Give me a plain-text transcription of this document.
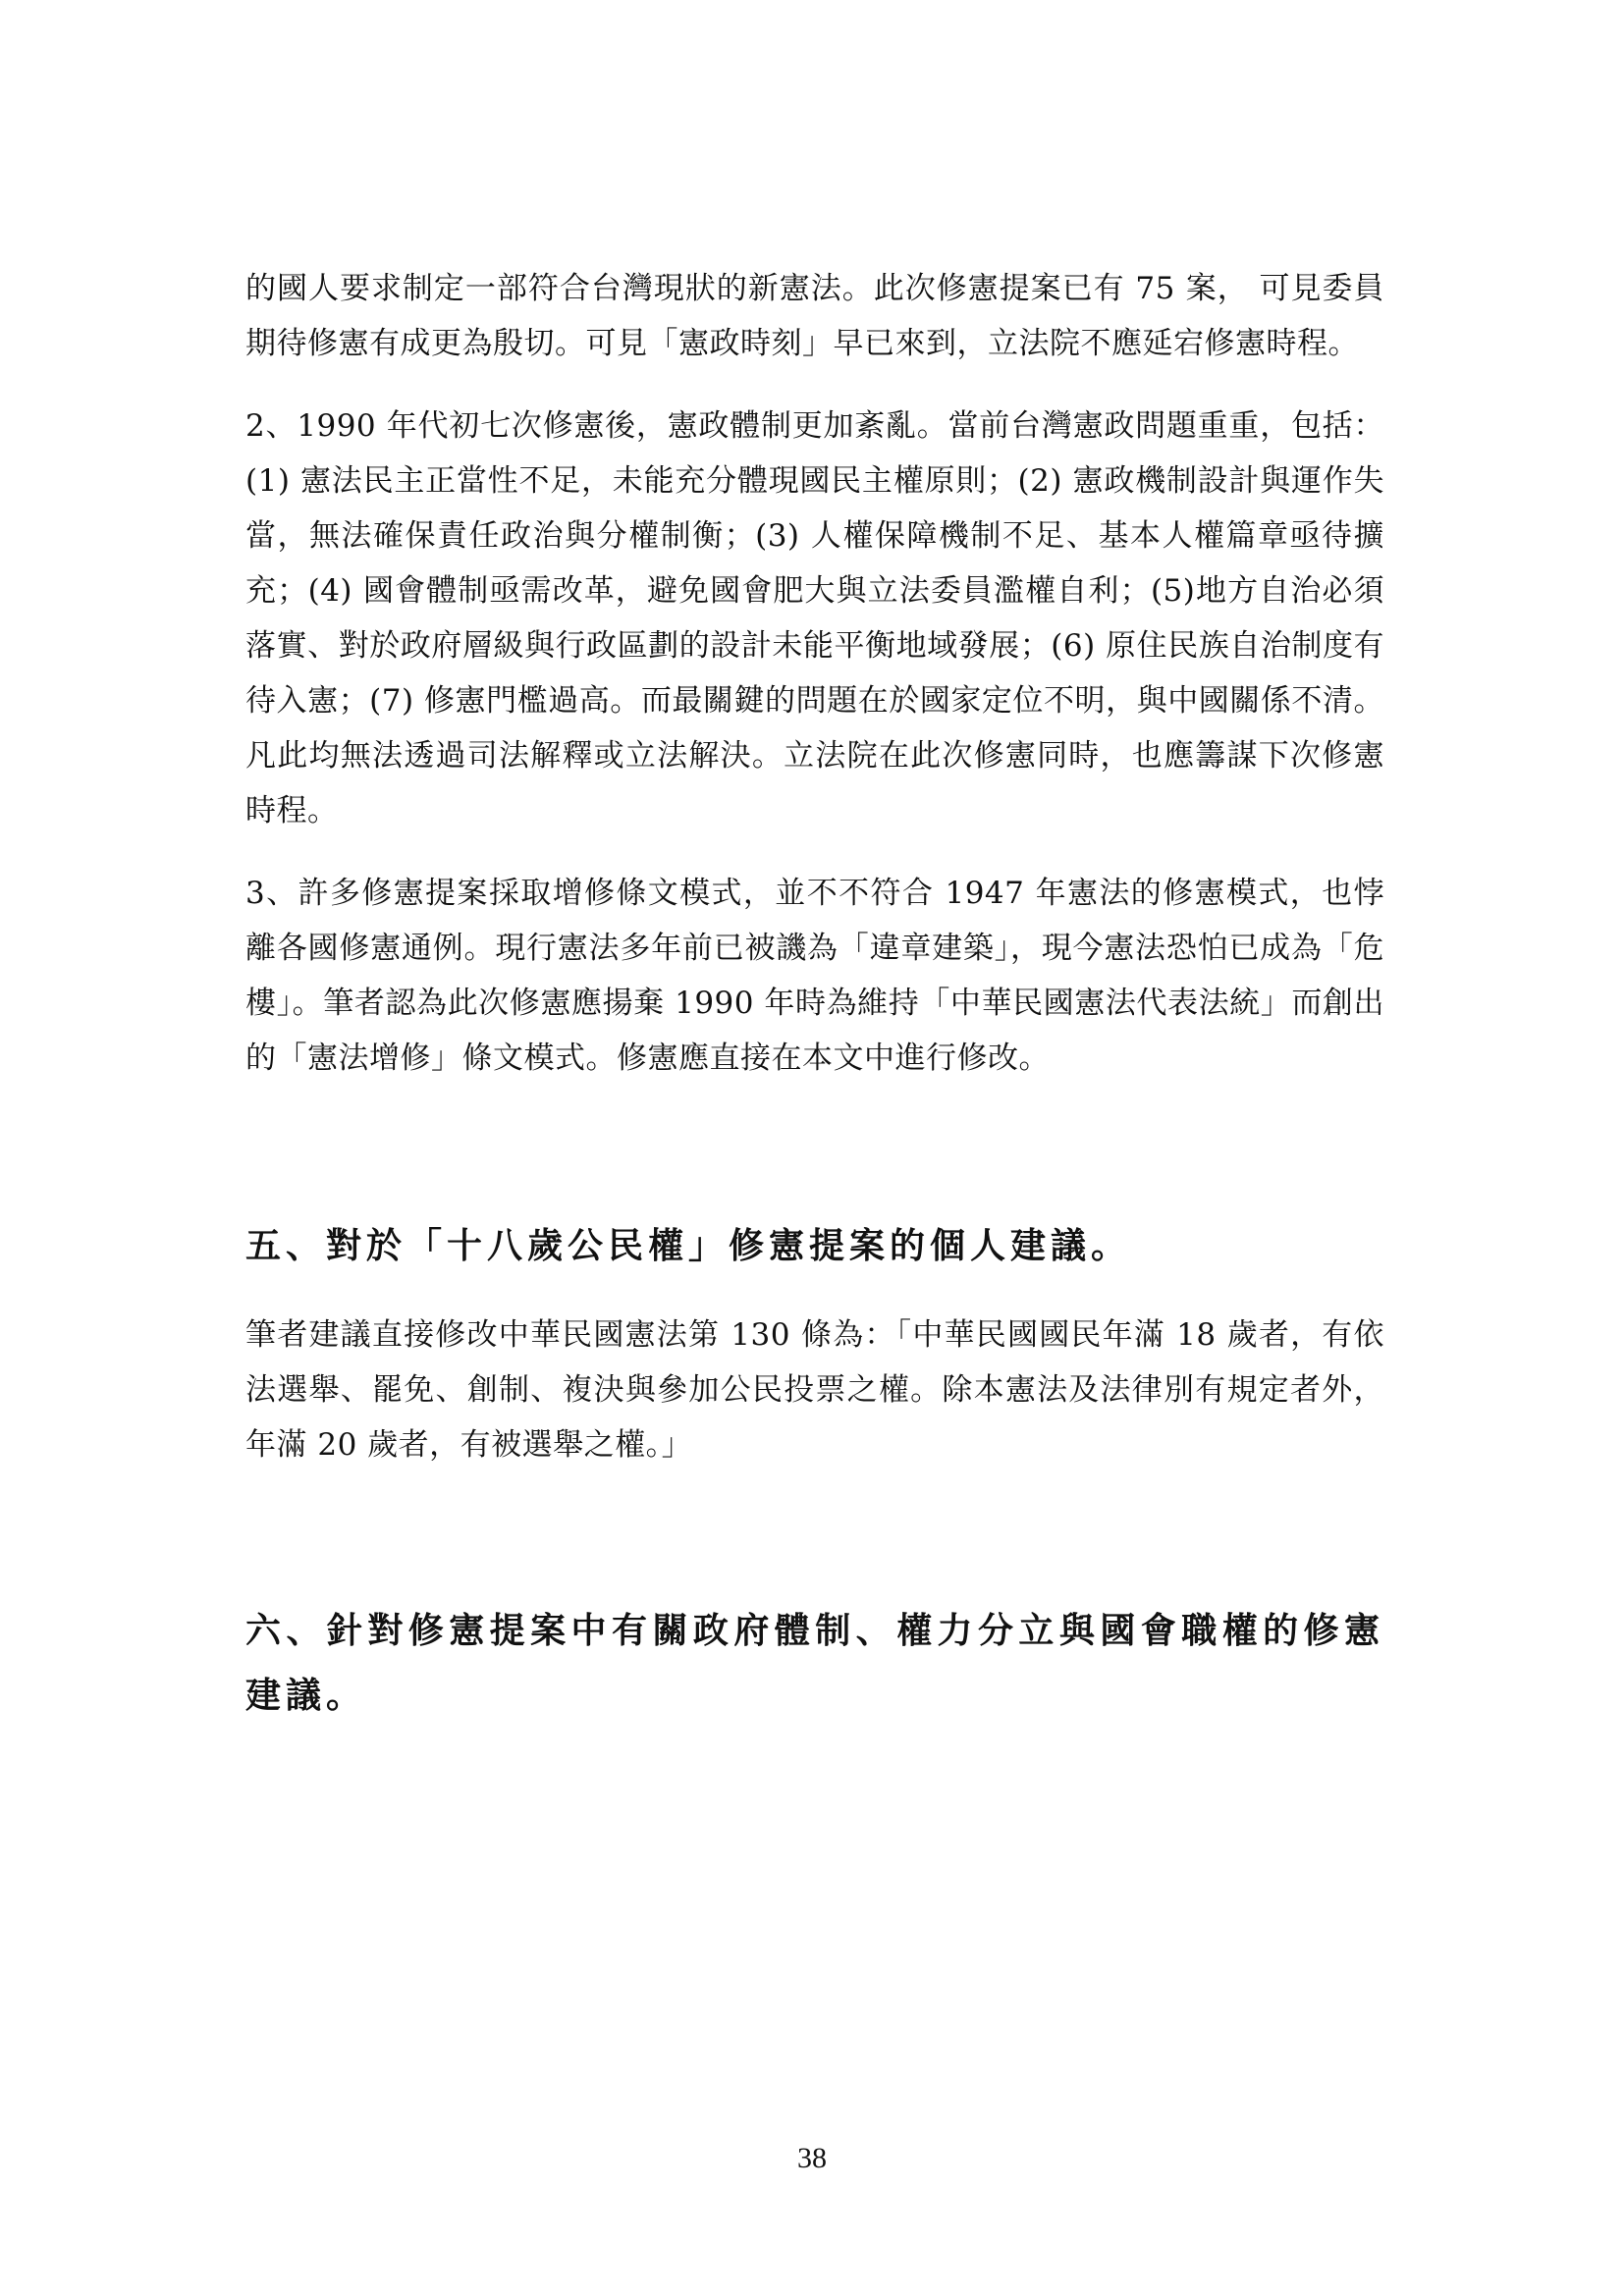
的國人要求制定一部符合台灣現狀的新憲法。此次修憲提案已有 75 案， 可見委員期待修憲有成更為殷切。可見「憲政時刻」早已來到，立法院不應延宕修憲時程。

2、1990 年代初七次修憲後，憲政體制更加紊亂。當前台灣憲政問題重重，包括：(1) 憲法民主正當性不足，未能充分體現國民主權原則；(2) 憲政機制設計與運作失當，無法確保責任政治與分權制衡；(3) 人權保障機制不足、基本人權篇章亟待擴充；(4) 國會體制亟需改革，避免國會肥大與立法委員濫權自利；(5)地方自治必須落實、對於政府層級與行政區劃的設計未能平衡地域發展；(6) 原住民族自治制度有待入憲；(7) 修憲門檻過高。而最關鍵的問題在於國家定位不明，與中國關係不清。凡此均無法透過司法解釋或立法解決。立法院在此次修憲同時，也應籌謀下次修憲時程。

3、許多修憲提案採取增修條文模式，並不不符合 1947 年憲法的修憲模式，也悖離各國修憲通例。現行憲法多年前已被譏為「違章建築」，現今憲法恐怕已成為「危樓」。筆者認為此次修憲應揚棄 1990 年時為維持「中華民國憲法代表法統」而創出的「憲法增修」條文模式。修憲應直接在本文中進行修改。

五、對於「十八歲公民權」修憲提案的個人建議。

筆者建議直接修改中華民國憲法第 130 條為：「中華民國國民年滿 18 歲者，有依法選舉、罷免、創制、複決與參加公民投票之權。除本憲法及法律別有規定者外，年滿 20 歲者，有被選舉之權。」

六、針對修憲提案中有關政府體制、權力分立與國會職權的修憲建議。
38
